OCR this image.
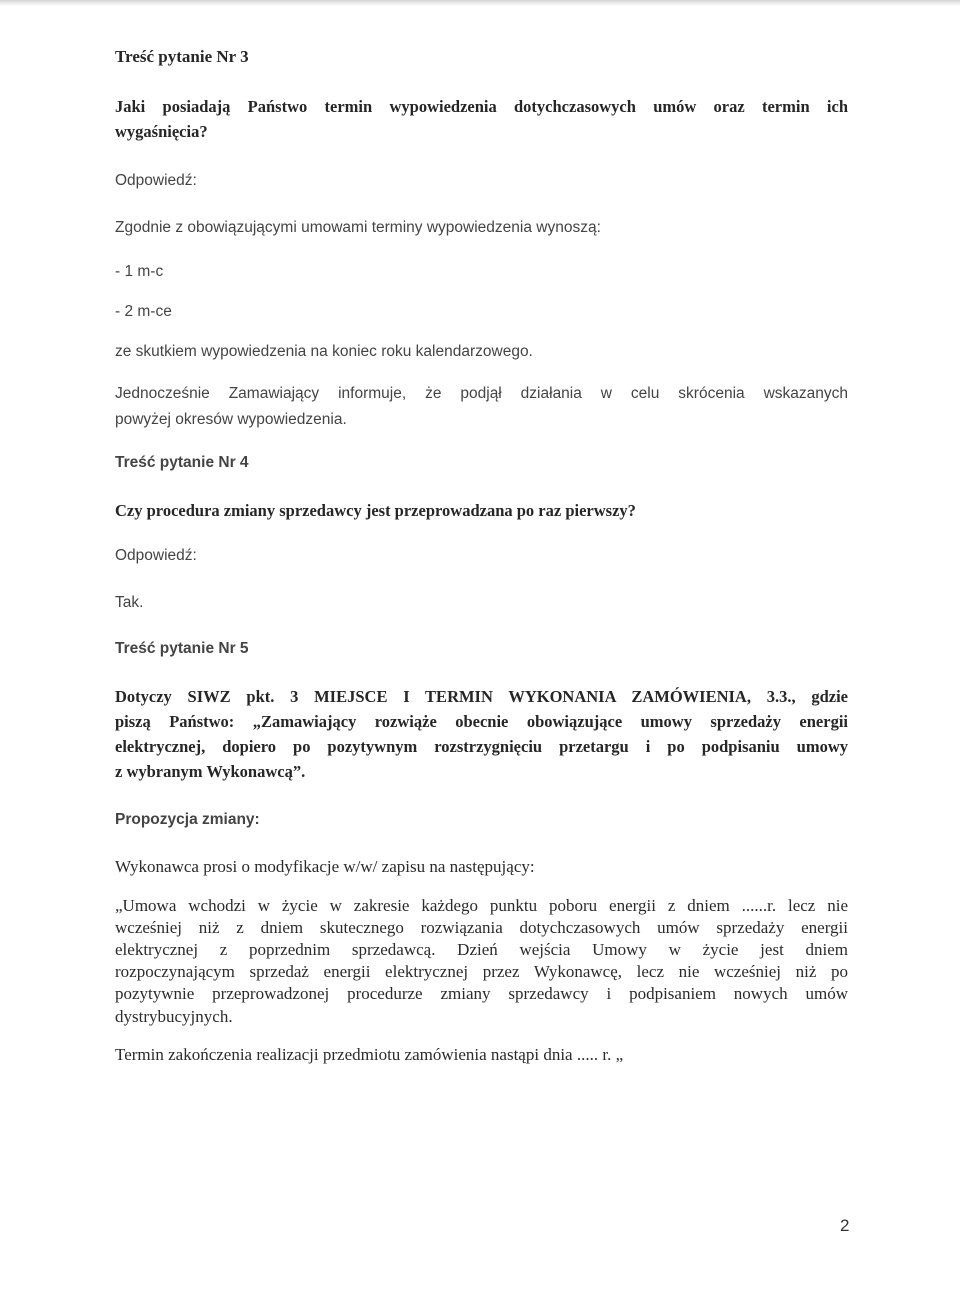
Treść pytanie Nr 3

Jaki posiadają Państwo termin wypowiedzenia dotychczasowych umów oraz termin ich

wygaśnięcia?

Odpowiedź:

Zgodnie z obowiązującymi umowami terminy wypowiedzenia wynoszą:

- 1 m-c

- 2 m-ce

ze skutkiem wypowiedzenia na koniec roku kalendarzowego.

Jednocześnie Zamawiający informuje, że podjął działania w celu skrócenia wskazanych

powyżej okresów wypowiedzenia.

Treść pytanie Nr 4

Czy procedura zmiany sprzedawcy jest przeprowadzana po raz pierwszy?

Odpowiedź:

Tak.

Treść pytanie Nr 5

Dotyczy SIWZ pkt. 3 MIEJSCE I TERMIN WYKONANIA ZAMÓWIENIA, 3.3., gdzie

piszą Państwo: „Zamawiający rozwiąże obecnie obowiązujące umowy sprzedaży energii

elektrycznej, dopiero po pozytywnym rozstrzygnięciu przetargu i po podpisaniu umowy

z wybranym Wykonawcą”.

Propozycja zmiany:

Wykonawca prosi o modyfikacje w/w/ zapisu na następujący:

„Umowa wchodzi w życie w zakresie każdego punktu poboru energii z dniem ......r. lecz nie

wcześniej niż z dniem skutecznego rozwiązania dotychczasowych umów sprzedaży energii

elektrycznej z poprzednim sprzedawcą. Dzień wejścia Umowy w życie jest dniem

rozpoczynającym sprzedaż energii elektrycznej przez Wykonawcę, lecz nie wcześniej niż po

pozytywnie przeprowadzonej procedurze zmiany sprzedawcy i podpisaniem nowych umów

dystrybucyjnych.

Termin zakończenia realizacji przedmiotu zamówienia nastąpi dnia ..... r. „

2
